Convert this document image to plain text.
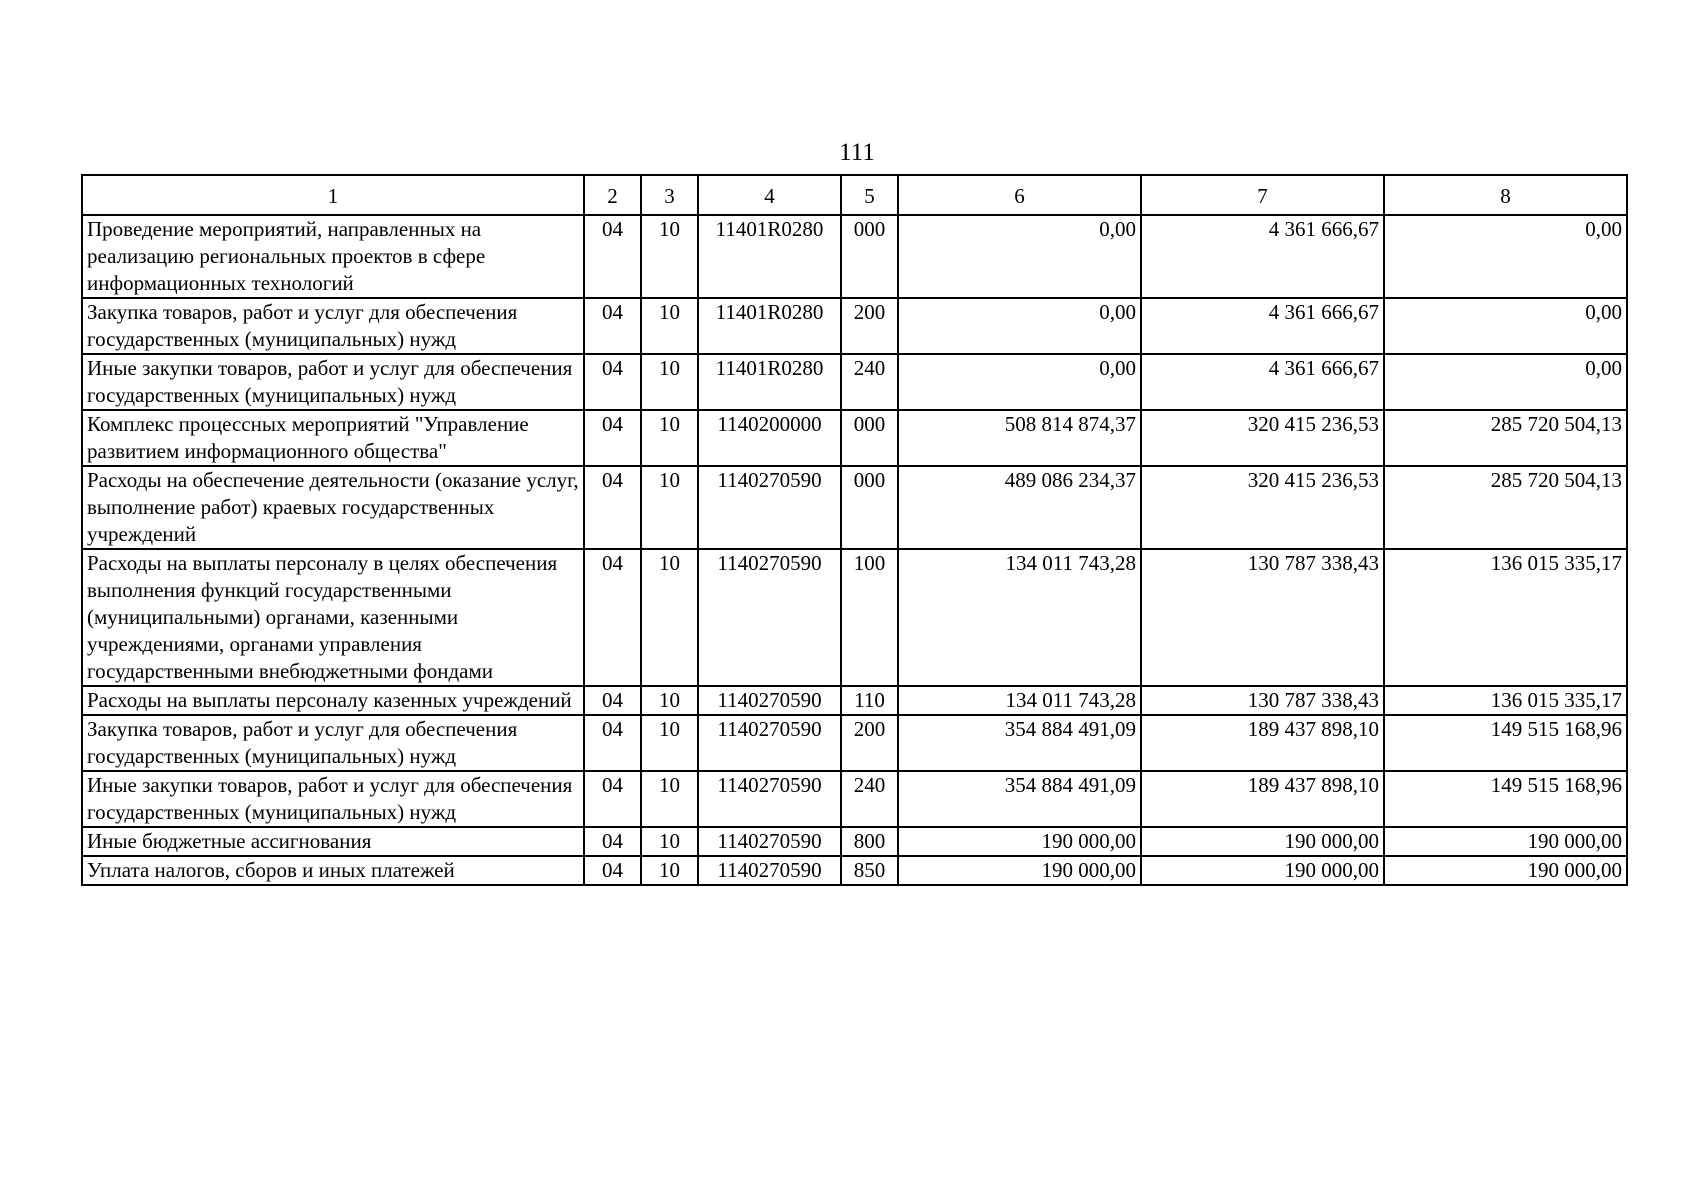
111
1	2	3	4	5	6	7	8
Проведение мероприятий, направленных на реализацию региональных проектов в сфере информационных технологий	04	10	11401R0280	000	0,00	4 361 666,67	0,00
Закупка товаров, работ и услуг для обеспечения государственных (муниципальных) нужд	04	10	11401R0280	200	0,00	4 361 666,67	0,00
Иные закупки товаров, работ и услуг для обеспечения государственных (муниципальных) нужд	04	10	11401R0280	240	0,00	4 361 666,67	0,00
Комплекс процессных мероприятий "Управление развитием информационного общества"	04	10	1140200000	000	508 814 874,37	320 415 236,53	285 720 504,13
Расходы на обеспечение деятельности (оказание услуг, выполнение работ) краевых государственных учреждений	04	10	1140270590	000	489 086 234,37	320 415 236,53	285 720 504,13
Расходы на выплаты персоналу в целях обеспечения выполнения функций государственными (муниципальными) органами, казенными учреждениями, органами управления государственными внебюджетными фондами	04	10	1140270590	100	134 011 743,28	130 787 338,43	136 015 335,17
Расходы на выплаты персоналу казенных учреждений	04	10	1140270590	110	134 011 743,28	130 787 338,43	136 015 335,17
Закупка товаров, работ и услуг для обеспечения государственных (муниципальных) нужд	04	10	1140270590	200	354 884 491,09	189 437 898,10	149 515 168,96
Иные закупки товаров, работ и услуг для обеспечения государственных (муниципальных) нужд	04	10	1140270590	240	354 884 491,09	189 437 898,10	149 515 168,96
Иные бюджетные ассигнования	04	10	1140270590	800	190 000,00	190 000,00	190 000,00
Уплата налогов, сборов и иных платежей	04	10	1140270590	850	190 000,00	190 000,00	190 000,00
